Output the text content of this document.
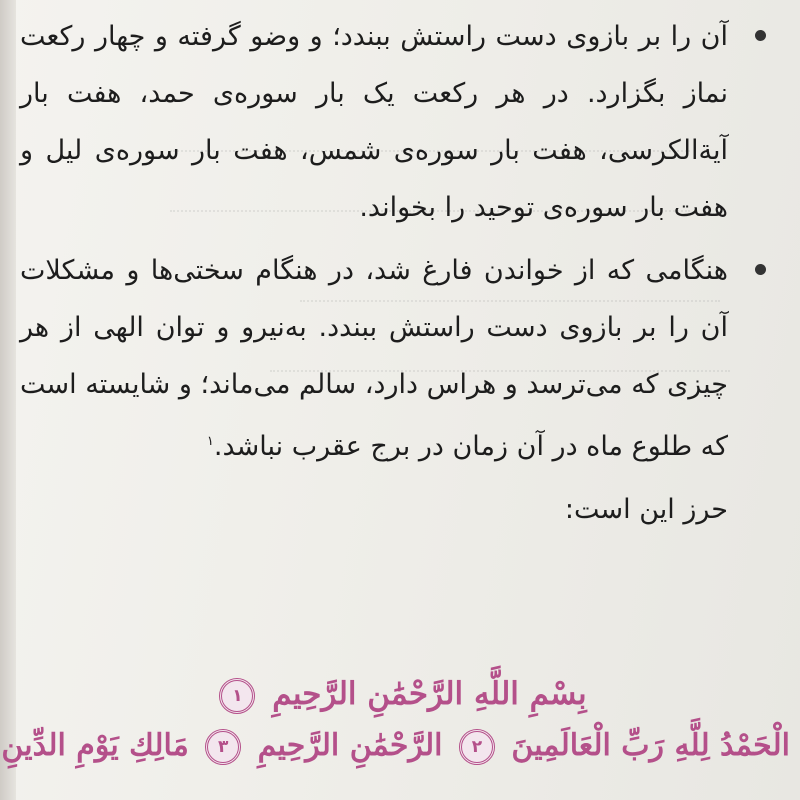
آن را بر بازوی دست راستش ببندد؛ و وضو گرفته و چهار رکعت نماز بگزارد. در هر رکعت یک بار سوره‌ی حمد، هفت بار آیة‌الکرسی، هفت بار سوره‌ی شمس، هفت بار سوره‌ی لیل و هفت بار سوره‌ی توحید را بخواند.

هنگامی که از خواندن فارغ شد، در هنگام سختی‌ها و مشکلات آن را بر بازوی دست راستش ببندد. به‌نیرو و توان الهی از هر چیزی که می‌ترسد و هراس دارد، سالم می‌ماند؛ و شایسته است که طلوع ماه در آن زمان در برج عقرب نباشد.$^۱$

حرز این است:
بِسْمِ اللَّهِ الرَّحْمَٰنِ الرَّحِيمِ ۱
الْحَمْدُ لِلَّهِ رَبِّ الْعَالَمِينَ ۲ الرَّحْمَٰنِ الرَّحِيمِ ۳ مَالِكِ يَوْمِ الدِّينِ
